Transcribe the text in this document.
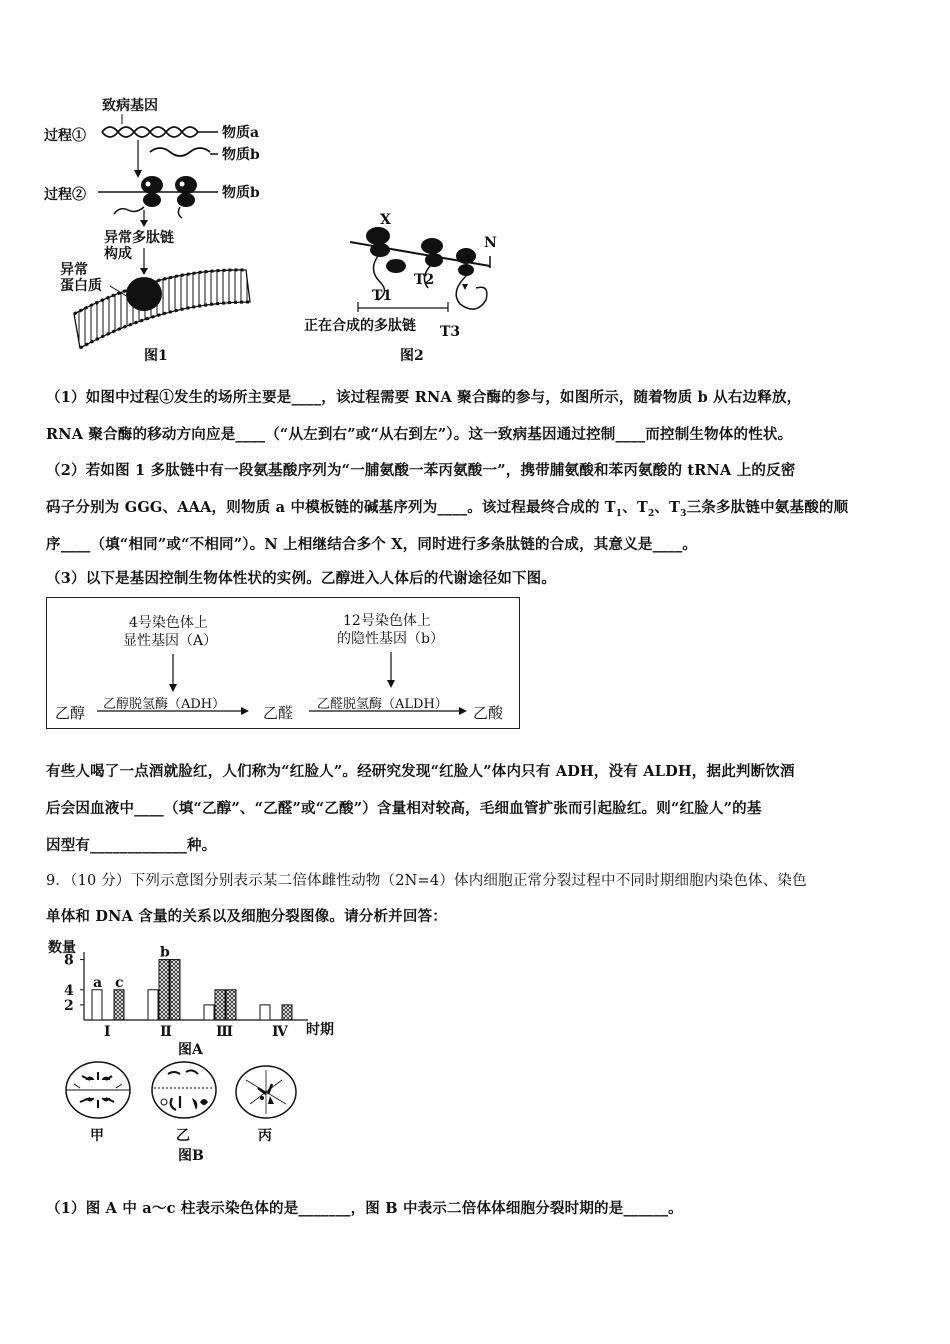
致病基因
过程①	物质a
物质b
过程②	物质b
异常多肽链
构成
异常
蛋白质
图1
X
N
T1
T2
T3
正在合成的多肽链
图2
（1）如图中过程①发生的场所主要是____，该过程需要 RNA 聚合酶的参与，如图所示，随着物质 b 从右边释放，
RNA 聚合酶的移动方向应是____（“从左到右”或“从右到左”）。这一致病基因通过控制____而控制生物体的性状。
（2）若如图 1 多肽链中有一段氨基酸序列为“一脯氨酸一苯丙氨酸一”，携带脯氨酸和苯丙氨酸的 tRNA 上的反密
码子分别为 GGG、AAA，则物质 a 中模板链的碱基序列为____。该过程最终合成的 $T_1$、$T_2$、$T_3$三条多肽链中氨基酸的顺
序____（填“相同”或“不相同”）。N 上相继结合多个 X，同时进行多条肽链的合成，其意义是____。
（3）以下是基因控制生物体性状的实例。乙醇进入人体后的代谢途径如下图。
4号染色体上
显性基因（A）
12号染色体上
的隐性基因（b）
乙醇 乙醇脱氢酶（ADH）	乙醛 乙醛脱氢酶（ALDH） 乙酸
有些人喝了一点酒就脸红，人们称为“红脸人”。经研究发现“红脸人”体内只有 ADH，没有 ALDH，据此判断饮酒
后会因血液中____（填“乙醇”、“乙醛”或“乙酸”）含量相对较高，毛细血管扩张而引起脸红。则“红脸人”的基
因型有_____________种。
9．（10 分）下列示意图分别表示某二倍体雌性动物（2N=4）体内细胞正常分裂过程中不同时期细胞内染色体、染色
单体和 DNA 含量的关系以及细胞分裂图像。请分析并回答：
数量
2
4
8
a
b
c
Ⅰ	Ⅱ	Ⅲ	Ⅳ 时期
图A
甲	乙	丙
图B
（1）图 A 中 a～c 柱表示染色体的是_______，图 B 中表示二倍体体细胞分裂时期的是______。
